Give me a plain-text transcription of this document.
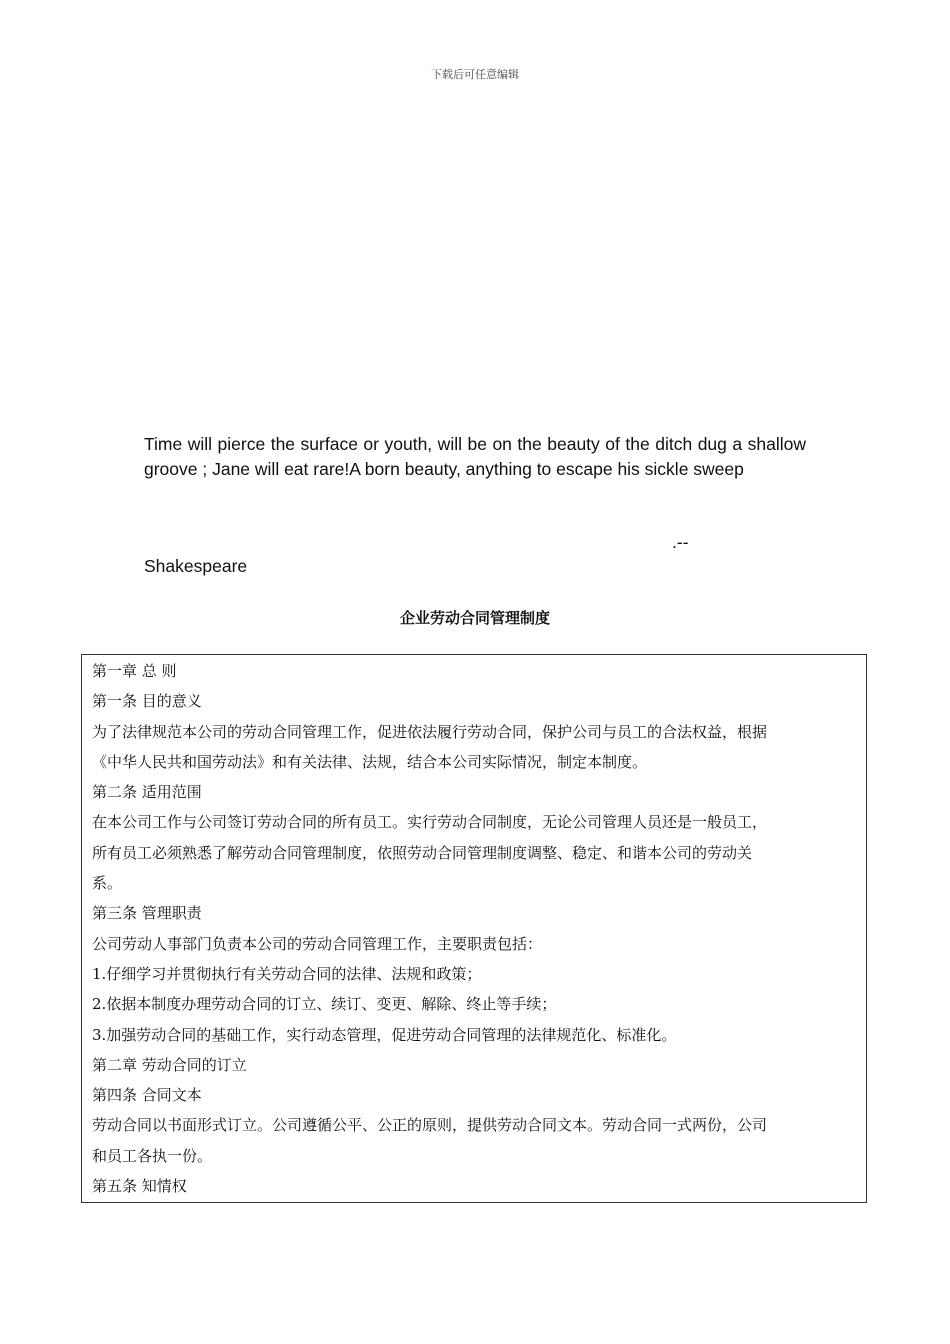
下载后可任意编辑
Time will pierce the surface or youth, will be on the beauty of the ditch dug a shallow groove ; Jane will eat rare!A born beauty, anything to escape his sickle sweep
.--
Shakespeare
企业劳动合同管理制度
第一章 总 则
第一条 目的意义
为了法律规范本公司的劳动合同管理工作，促进依法履行劳动合同，保护公司与员工的合法权益，根据
《中华人民共和国劳动法》和有关法律、法规，结合本公司实际情况，制定本制度。
第二条 适用范围
在本公司工作与公司签订劳动合同的所有员工。实行劳动合同制度，无论公司管理人员还是一般员工，
所有员工必须熟悉了解劳动合同管理制度，依照劳动合同管理制度调整、稳定、和谐本公司的劳动关
系。
第三条 管理职责
公司劳动人事部门负责本公司的劳动合同管理工作，主要职责包括：
1.仔细学习并贯彻执行有关劳动合同的法律、法规和政策；
2.依据本制度办理劳动合同的订立、续订、变更、解除、终止等手续；
3.加强劳动合同的基础工作，实行动态管理，促进劳动合同管理的法律规范化、标准化。
第二章 劳动合同的订立
第四条 合同文本
劳动合同以书面形式订立。公司遵循公平、公正的原则，提供劳动合同文本。劳动合同一式两份，公司
和员工各执一份。
第五条 知情权
